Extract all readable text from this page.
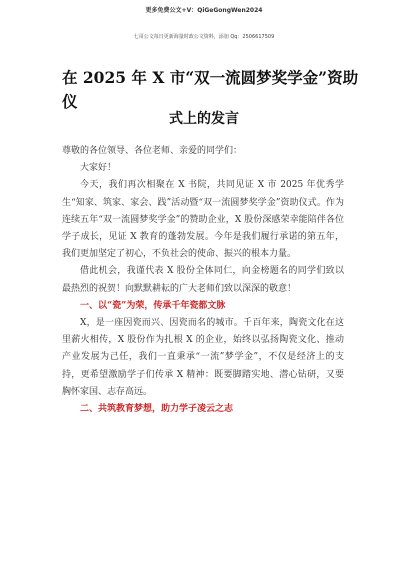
更多免费公文+V：QiGeGongWen2024
七哥公文每日更新海量时政公文资料，添加 Qq：2506617509
在 2025 年 X 市“双一流圆梦奖学金”资助仪
式上的发言

尊敬的各位领导、各位老师、亲爱的同学们：

大家好！

今天，我们再次相聚在 X 书院，共同见证 X 市 2025 年优秀学生“知家、筑家、家会、践”活动暨“双一流圆梦奖学金”资助仪式。作为连续五年“双一流圆梦奖学金”的赞助企业，X 股份深感荣幸能陪伴各位学子成长，见证 X 教育的蓬勃发展。今年是我们履行承诺的第五年，我们更加坚定了初心，不负社会的使命、振兴的根本力量。

借此机会，我谨代表 X 股份全体同仁，向金榜题名的同学们致以最热烈的祝贺！向默默耕耘的广大老师们致以深深的敬意！

一、以“瓷”为荣，传承千年瓷都文脉

X，是一座因瓷而兴、因瓷而名的城市。千百年来，陶瓷文化在这里薪火相传，X 股份作为扎根 X 的企业，始终以弘扬陶瓷文化、推动产业发展为己任，我们一直秉承“一流”梦学金”，不仅是经济上的支持，更希望激励学子们传承 X 精神：既要脚踏实地、潜心钻研，又要胸怀家国、志存高远。

二、共筑教育梦想，助力学子凌云之志
